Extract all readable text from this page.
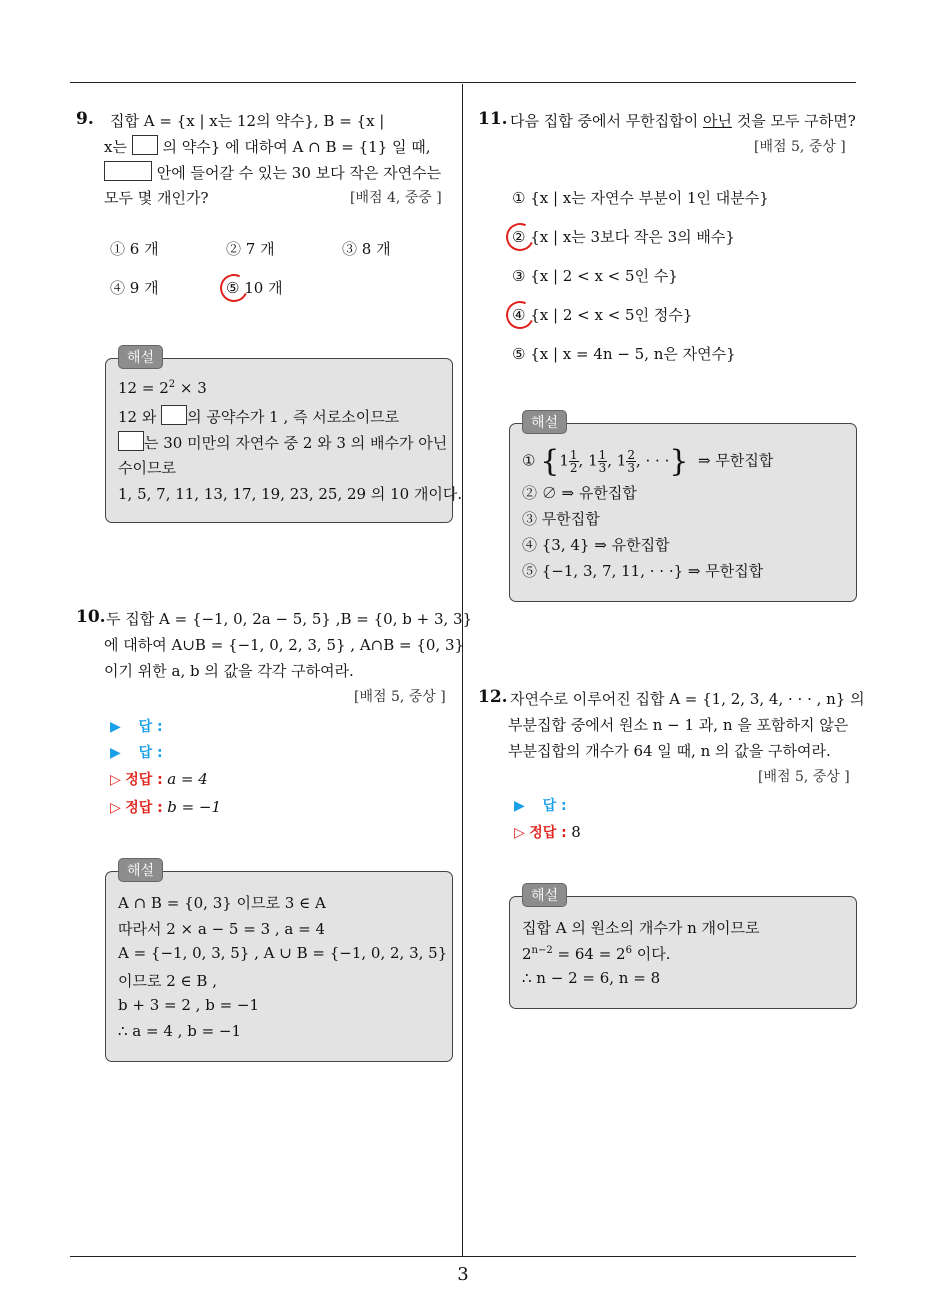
3
9. 집합 A = {x | x는 12의 약수}, B = {x |
x는 의 약수} 에 대하여 A ∩ B = {1} 일 때,
안에 들어갈 수 있는 30 보다 작은 자연수는
모두 몇 개인가?	[배점 4, 중중 ]
① 6 개	② 7 개	③ 8 개
④ 9 개	⑤ 10 개
해설
$12 = 2^2 \times 3$
12 와 의 공약수가 1 , 즉 서로소이므로
는 30 미만의 자연수 중 2 와 3 의 배수가 아닌
수이므로
1, 5, 7, 11, 13, 17, 19, 23, 25, 29 의 10 개이다.
10. 두 집합 A = {−1, 0, 2a − 5, 5} ,B = {0, b + 3, 3}
에 대하여 A∪B = {−1, 0, 2, 3, 5} , A∩B = {0, 3}
이기 위한 a, b 의 값을 각각 구하여라.
[배점 5, 중상 ]
▶ 답 :
▶ 답 :
▷ 정답 : a = 4
▷ 정답 : b = −1
해설
A ∩ B = {0, 3} 이므로 3 ∈ A
따라서 2 × a − 5 = 3 , a = 4
A = {−1, 0, 3, 5} , A ∪ B = {−1, 0, 2, 3, 5}
이므로 2 ∈ B ,
b + 3 = 2 , b = −1
∴ a = 4 , b = −1
11. 다음 집합 중에서 무한집합이 아닌 것을 모두 구하면?
[배점 5, 중상 ]
① {x | x는 자연수 부분이 1인 대분수}
② {x | x는 3보다 작은 3의 배수}
③ {x | 2 < x < 5인 수}
④ {x | 2 < x < 5인 정수}
⑤ {x | x = 4n − 5, n은 자연수}
해설
① {$1 \frac{1}{2}$ , $1 \frac{1}{3}$ , $1 \frac{2}{3}$ , · · ·} ⇒ 무한집합
② ∅ ⇒ 유한집합
③ 무한집합
④ {3, 4} ⇒ 유한집합
⑤ {−1, 3, 7, 11, · · ·} ⇒ 무한집합
12. 자연수로 이루어진 집합 A = {1, 2, 3, 4, · · · , n} 의
부분집합 중에서 원소 n − 1 과, n 을 포함하지 않은
부분집합의 개수가 64 일 때, n 의 값을 구하여라.
[배점 5, 중상 ]
▶ 답 :
▷ 정답 : 8
해설
집합 A 의 원소의 개수가 n 개이므로
$2^{n-2} = 64 = 2^6$ 이다.
∴ n − 2 = 6, n = 8
